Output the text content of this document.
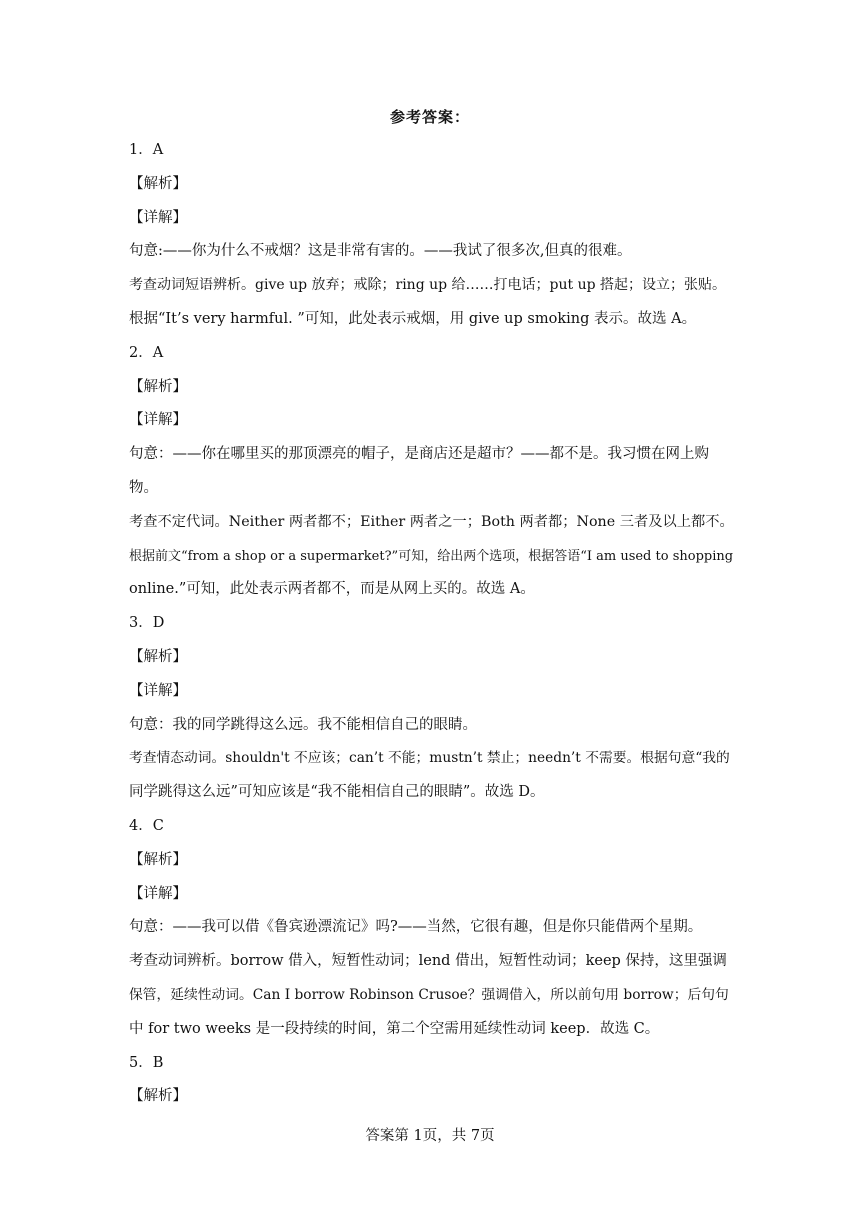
参考答案：

1．A

【解析】

【详解】

句意:——你为什么不戒烟？这是非常有害的。——我试了很多次,但真的很难。

考查动词短语辨析。give up 放弃；戒除；ring up 给……打电话；put up 搭起；设立；张贴。

根据“It’s very harmful. ”可知，此处表示戒烟，用 give up smoking 表示。故选 A。

2．A

【解析】

【详解】

句意：——你在哪里买的那顶漂亮的帽子，是商店还是超市？——都不是。我习惯在网上购

物。

考查不定代词。Neither 两者都不；Either 两者之一；Both 两者都；None 三者及以上都不。

根据前文“from a shop or a supermarket?”可知，给出两个选项，根据答语“I am used to shopping

online.”可知，此处表示两者都不，而是从网上买的。故选 A。

3．D

【解析】

【详解】

句意：我的同学跳得这么远。我不能相信自己的眼睛。

考查情态动词。shouldn't 不应该；can’t 不能；mustn’t 禁止；needn’t 不需要。根据句意“我的

同学跳得这么远”可知应该是“我不能相信自己的眼睛”。故选 D。

4．C

【解析】

【详解】

句意：——我可以借《鲁宾逊漂流记》吗?——当然，它很有趣，但是你只能借两个星期。

考查动词辨析。borrow 借入，短暂性动词；lend 借出，短暂性动词；keep 保持，这里强调

保管，延续性动词。Can I borrow Robinson Crusoe？强调借入，所以前句用 borrow；后句句

中 for two weeks 是一段持续的时间，第二个空需用延续性动词 keep．故选 C。

5．B

【解析】

答案第 1页，共 7页
